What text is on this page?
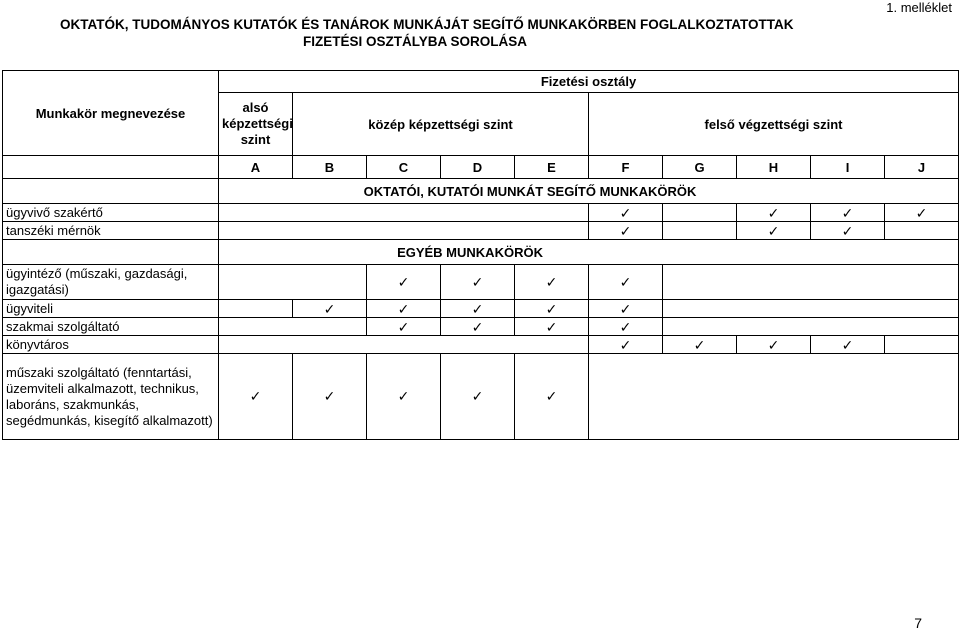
1. melléklet
OKTATÓK, TUDOMÁNYOS KUTATÓK ÉS TANÁROK MUNKÁJÁT SEGÍTŐ MUNKAKÖRBEN FOGLALKOZTATOTTAK
FIZETÉSI OSZTÁLYBA SOROLÁSA
Munkakör megnevezése	Fizetési osztály									
	alsó képzettségi szint	közép képzettségi szint				felső végzettségi szint				
	A	B	C	D	E	F	G	H	I	J
	OKTATÓI, KUTATÓI MUNKÁT SEGÍTŐ MUNKAKÖRÖK									
ügyvivő szakértő						✓		✓	✓	✓
tanszéki mérnök						✓		✓	✓	
	EGYÉB MUNKAKÖRÖK									
ügyintéző (műszaki, gazdasági, igazgatási)			✓	✓	✓	✓				
ügyviteli		✓	✓	✓	✓	✓				
szakmai szolgáltató			✓	✓	✓	✓				
könyvtáros						✓	✓	✓	✓	
műszaki szolgáltató (fenntartási, üzemviteli alkalmazott, technikus, laboráns, szakmunkás, segédmunkás, kisegítő alkalmazott)	✓	✓	✓	✓	✓					
7
